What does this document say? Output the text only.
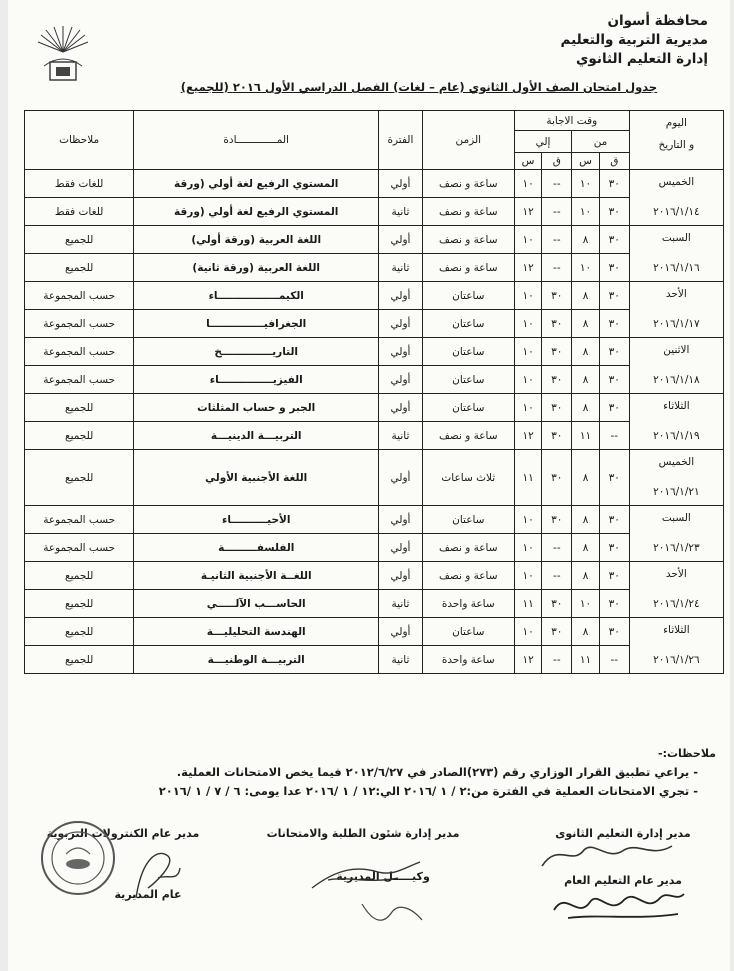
محافظة أسوان
مديرية التربية والتعليم
إدارة التعليم الثانوي
جدول امتحان الصف الأول الثانوي (عام – لغات) الفصل الدراسي الأول ٢٠١٦ (للجميع)
اليوم
و التاريخ	وقت الاجابة				الزمن	الفترة	المـــــــــــــادة	ملاحظات
	من		إلي					
	ق	س	ق	س				

الخميس
٢٠١٦/١/١٤	٣٠	١٠	--	١٠	ساعة و نصف	أولي	المستوي الرفيع لغة أولي (ورقة	للغات فقط
	٣٠	١٠	--	١٢	ساعة و نصف	ثانية	المستوي الرفيع لغة أولي (ورقة	للغات فقط

السبت
٢٠١٦/١/١٦	٣٠	٨	--	١٠	ساعة و نصف	أولي	اللغة العربية (ورقة أولي)	للجميع
	٣٠	١٠	--	١٢	ساعة و نصف	ثانية	اللغة العربية (ورقة ثانية)	للجميع

الأحد
٢٠١٦/١/١٧	٣٠	٨	٣٠	١٠	ساعتان	أولي	الكيمـــــــــــــــــاء	حسب المجموعة
	٣٠	٨	٣٠	١٠	ساعتان	أولي	الجغرافيـــــــــــــــا	حسب المجموعة

الاثنين
٢٠١٦/١/١٨	٣٠	٨	٣٠	١٠	ساعتان	أولي	التاريــــــــــــــخ	حسب المجموعة
	٣٠	٨	٣٠	١٠	ساعتان	أولي	الفيزيـــــــــــــــاء	حسب المجموعة

الثلاثاء
٢٠١٦/١/١٩	٣٠	٨	٣٠	١٠	ساعتان	أولي	الجبر و حساب المثلثات	للجميع
	--	١١	٣٠	١٢	ساعة و نصف	ثانية	التربيـــة الدينيـــة	للجميع

الخميس
٢٠١٦/١/٢١	٣٠	٨	٣٠	١١	ثلاث ساعات	أولي	اللغة الأجنبية الأولي	للجميع

السبت
٢٠١٦/١/٢٣	٣٠	٨	٣٠	١٠	ساعتان	أولي	الأحيــــــــــاء	حسب المجموعة
	٣٠	٨	--	١٠	ساعة و نصف	أولي	الفلسفـــــــــة	حسب المجموعة

الأحد
٢٠١٦/١/٢٤	٣٠	٨	--	١٠	ساعة و نصف	أولي	اللغــة الأجنبية الثانيـة	للجميع
	٣٠	١٠	٣٠	١١	ساعة واحدة	ثانية	الحاســـب الآلـــــي	للجميع

الثلاثاء
٢٠١٦/١/٢٦	٣٠	٨	٣٠	١٠	ساعتان	أولي	الهندسة التحليليـــة	للجميع
	--	١١	--	١٢	ساعة واحدة	ثانية	التربيـــة الوطنيـــة	للجميع
ملاحظات:-
- يراعي تطبيق القرار الوزاري رقم (٢٧٣)الصادر في ٢٠١٢/٦/٢٧ فيما يخص الامتحانات العملية.
- تجري الامتحانات العملية في الفترة من:٢ / ١ /٢٠١٦ الي:١٢ / ١ /٢٠١٦ عدا يومى: ٦ / ٧ / ١ /٢٠١٦
مدير إدارة التعليم الثانوى
مدير عام التعليم العام
مدير إدارة شئون الطلبة والامتحانات
وكيـــــل المديرية
مدير عام الكنترولات التربوية
عام المديرية
